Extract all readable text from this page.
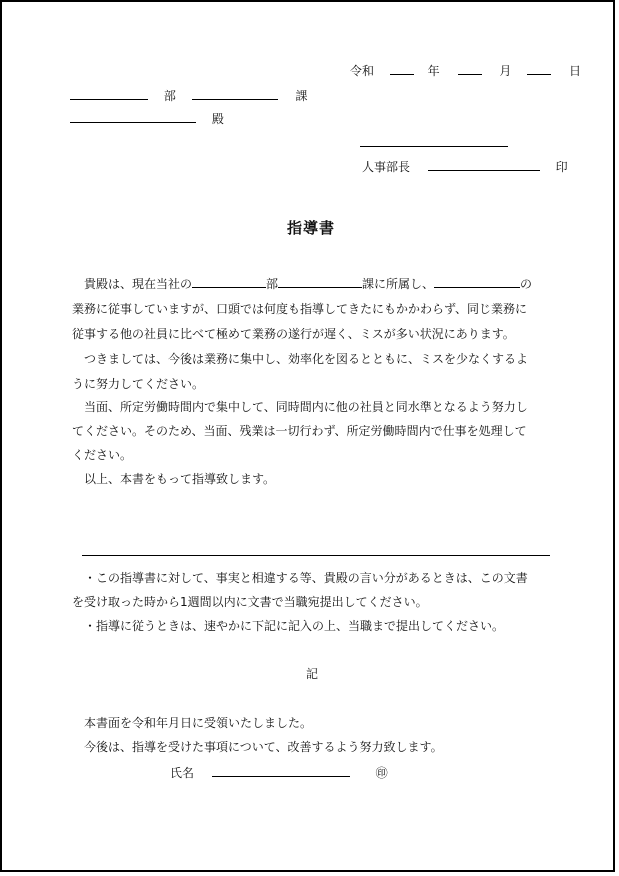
令和	年	月	日
部	課
殿
人事部長	印
指導書
貴殿は、現在当社の	部	課に所属し、	の
業務に従事していますが、口頭では何度も指導してきたにもかかわらず、同じ業務に
従事する他の社員に比べて極めて業務の遂行が遅く、ミスが多い状況にあります。
つきましては、今後は業務に集中し、効率化を図るとともに、ミスを少なくするよ
うに努力してください。
当面、所定労働時間内で集中して、同時間内に他の社員と同水準となるよう努力し
てください。そのため、当面、残業は一切行わず、所定労働時間内で仕事を処理して
ください。
以上、本書をもって指導致します。
・この指導書に対して、事実と相違する等、貴殿の言い分があるときは、この文書
を受け取った時から1週間以内に文書で当職宛提出してください。
・指導に従うときは、速やかに下記に記入の上、当職まで提出してください。
記
本書面を令和年月日に受領いたしました。
今後は、指導を受けた事項について、改善するよう努力致します。
氏名	㊞
